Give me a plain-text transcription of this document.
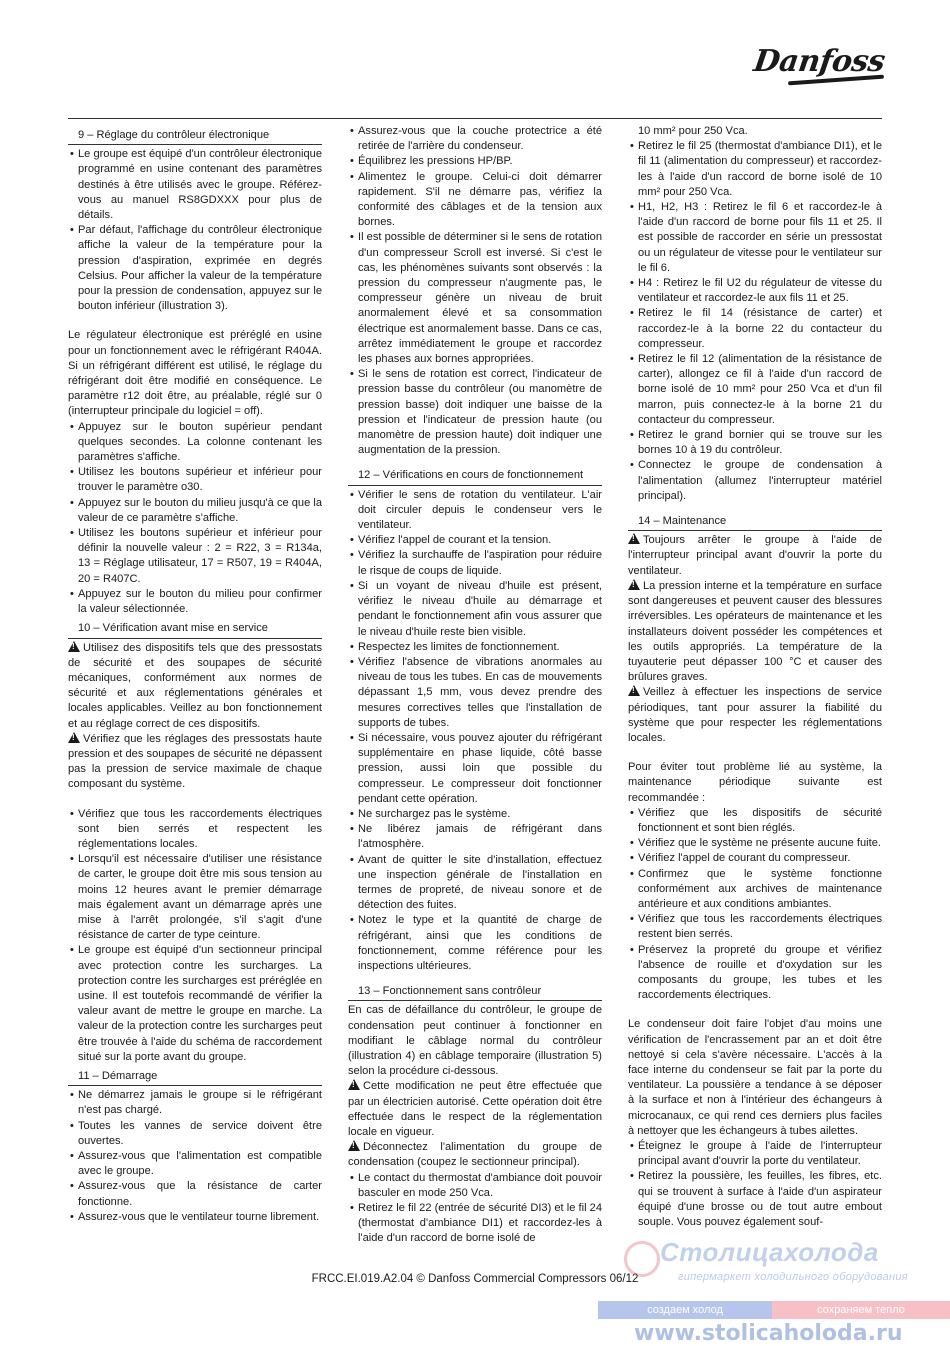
Danfoss
9 – Réglage du contrôleur électronique
• Le groupe est équipé d'un contrôleur électronique programmé en usine contenant des paramètres destinés à être utilisés avec le groupe. Référez-vous au manuel RS8GDXXX pour plus de détails.
• Par défaut, l'affichage du contrôleur électronique affiche la valeur de la température pour la pression d'aspiration, exprimée en degrés Celsius. Pour afficher la valeur de la température pour la pression de condensation, appuyez sur le bouton inférieur (illustration 3).

Le régulateur électronique est préréglé en usine pour un fonctionnement avec le réfrigérant R404A. Si un réfrigérant différent est utilisé, le réglage du réfrigérant doit être modifié en conséquence. Le paramètre r12 doit être, au préalable, réglé sur 0 (interrupteur principale du logiciel = off).

• Appuyez sur le bouton supérieur pendant quelques secondes. La colonne contenant les paramètres s'affiche.
• Utilisez les boutons supérieur et inférieur pour trouver le paramètre o30.
• Appuyez sur le bouton du milieu jusqu'à ce que la valeur de ce paramètre s'affiche.
• Utilisez les boutons supérieur et inférieur pour définir la nouvelle valeur : 2 = R22, 3 = R134a, 13 = Réglage utilisateur, 17 = R507, 19 = R404A, 20 = R407C.
• Appuyez sur le bouton du milieu pour confirmer la valeur sélectionnée.
10 – Vérification avant mise en service

!Utilisez des dispositifs tels que des pressostats de sécurité et des soupapes de sécurité mécaniques, conformément aux normes de sécurité et aux réglementations générales et locales applicables. Veillez au bon fonctionnement et au réglage correct de ces dispositifs.

!Vérifiez que les réglages des pressostats haute pression et des soupapes de sécurité ne dépassent pas la pression de service maximale de chaque composant du système.

• Vérifiez que tous les raccordements électriques sont bien serrés et respectent les réglementations locales.
• Lorsqu'il est nécessaire d'utiliser une résistance de carter, le groupe doit être mis sous tension au moins 12 heures avant le premier démarrage mais également avant un démarrage après une mise à l'arrêt prolongée, s'il s'agit d'une résistance de carter de type ceinture.
• Le groupe est équipé d'un sectionneur principal avec protection contre les surcharges. La protection contre les surcharges est préréglée en usine. Il est toutefois recommandé de vérifier la valeur avant de mettre le groupe en marche. La valeur de la protection contre les surcharges peut être trouvée à l'aide du schéma de raccordement situé sur la porte avant du groupe.
11 – Démarrage
• Ne démarrez jamais le groupe si le réfrigérant n'est pas chargé.
• Toutes les vannes de service doivent être ouvertes.
• Assurez-vous que l'alimentation est compatible avec le groupe.
• Assurez-vous que la résistance de carter fonctionne.
• Assurez-vous que le ventilateur tourne librement.
• Assurez-vous que la couche protectrice a été retirée de l'arrière du condenseur.
• Équilibrez les pressions HP/BP.
• Alimentez le groupe. Celui-ci doit démarrer rapidement. S'il ne démarre pas, vérifiez la conformité des câblages et de la tension aux bornes.
• Il est possible de déterminer si le sens de rotation d'un compresseur Scroll est inversé. Si c'est le cas, les phénomènes suivants sont observés : la pression du compresseur n'augmente pas, le compresseur génère un niveau de bruit anormalement élevé et sa consommation électrique est anormalement basse. Dans ce cas, arrêtez immédiatement le groupe et raccordez les phases aux bornes appropriées.
• Si le sens de rotation est correct, l'indicateur de pression basse du contrôleur (ou manomètre de pression basse) doit indiquer une baisse de la pression et l'indicateur de pression haute (ou manomètre de pression haute) doit indiquer une augmentation de la pression.
12 – Vérifications en cours de fonctionnement
• Vérifier le sens de rotation du ventilateur. L'air doit circuler depuis le condenseur vers le ventilateur.
• Vérifiez l'appel de courant et la tension.
• Vérifiez la surchauffe de l'aspiration pour réduire le risque de coups de liquide.
• Si un voyant de niveau d'huile est présent, vérifiez le niveau d'huile au démarrage et pendant le fonctionnement afin vous assurer que le niveau d'huile reste bien visible.
• Respectez les limites de fonctionnement.
• Vérifiez l'absence de vibrations anormales au niveau de tous les tubes. En cas de mouvements dépassant 1,5 mm, vous devez prendre des mesures correctives telles que l'installation de supports de tubes.
• Si nécessaire, vous pouvez ajouter du réfrigérant supplémentaire en phase liquide, côté basse pression, aussi loin que possible du compresseur. Le compresseur doit fonctionner pendant cette opération.
• Ne surchargez pas le système.
• Ne libérez jamais de réfrigérant dans l'atmosphère.
• Avant de quitter le site d'installation, effectuez une inspection générale de l'installation en termes de propreté, de niveau sonore et de détection des fuites.
• Notez le type et la quantité de charge de réfrigérant, ainsi que les conditions de fonctionnement, comme référence pour les inspections ultérieures.
13 – Fonctionnement sans contrôleur

En cas de défaillance du contrôleur, le groupe de condensation peut continuer à fonctionner en modifiant le câblage normal du contrôleur (illustration 4) en câblage temporaire (illustration 5) selon la procédure ci-dessous.

!Cette modification ne peut être effectuée que par un électricien autorisé. Cette opération doit être effectuée dans le respect de la réglementation locale en vigueur.

!Déconnectez l'alimentation du groupe de condensation (coupez le sectionneur principal).

• Le contact du thermostat d'ambiance doit pouvoir basculer en mode 250 Vca.
• Retirez le fil 22 (entrée de sécurité DI3) et le fil 24 (thermostat d'ambiance DI1) et raccordez-les à l'aide d'un raccord de borne isolé de

10 mm² pour 250 Vca.

• Retirez le fil 25 (thermostat d'ambiance DI1), et le fil 11 (alimentation du compresseur) et raccordez-les à l'aide d'un raccord de borne isolé de 10 mm² pour 250 Vca.
• H1, H2, H3 : Retirez le fil 6 et raccordez-le à l'aide d'un raccord de borne pour fils 11 et 25. Il est possible de raccorder en série un pressostat ou un régulateur de vitesse pour le ventilateur sur le fil 6.
• H4 : Retirez le fil U2 du régulateur de vitesse du ventilateur et raccordez-le aux fils 11 et 25.
• Retirez le fil 14 (résistance de carter) et raccordez-le à la borne 22 du contacteur du compresseur.
• Retirez le fil 12 (alimentation de la résistance de carter), allongez ce fil à l'aide d'un raccord de borne isolé de 10 mm² pour 250 Vca et d'un fil marron, puis connectez-le à la borne 21 du contacteur du compresseur.
• Retirez le grand bornier qui se trouve sur les bornes 10 à 19 du contrôleur.
• Connectez le groupe de condensation à l'alimentation (allumez l'interrupteur matériel principal).
14 – Maintenance

!Toujours arrêter le groupe à l'aide de l'interrupteur principal avant d'ouvrir la porte du ventilateur.

!La pression interne et la température en surface sont dangereuses et peuvent causer des blessures irréversibles. Les opérateurs de maintenance et les installateurs doivent posséder les compétences et les outils appropriés. La température de la tuyauterie peut dépasser 100 °C et causer des brûlures graves.

!Veillez à effectuer les inspections de service périodiques, tant pour assurer la fiabilité du système que pour respecter les réglementations locales.

Pour éviter tout problème lié au système, la maintenance périodique suivante est recommandée :

• Vérifiez que les dispositifs de sécurité fonctionnent et sont bien réglés.
• Vérifiez que le système ne présente aucune fuite.
• Vérifiez l'appel de courant du compresseur.
• Confirmez que le système fonctionne conformément aux archives de maintenance antérieure et aux conditions ambiantes.
• Vérifiez que tous les raccordements électriques restent bien serrés.
• Préservez la propreté du groupe et vérifiez l'absence de rouille et d'oxydation sur les composants du groupe, les tubes et les raccordements électriques.

Le condenseur doit faire l'objet d'au moins une vérification de l'encrassement par an et doit être nettoyé si cela s'avère nécessaire. L'accès à la face interne du condenseur se fait par la porte du ventilateur. La poussière a tendance à se déposer à la surface et non à l'intérieur des échangeurs à microcanaux, ce qui rend ces derniers plus faciles à nettoyer que les échangeurs à tubes ailettes.

• Éteignez le groupe à l'aide de l'interrupteur principal avant d'ouvrir la porte du ventilateur.
• Retirez la poussière, les feuilles, les fibres, etc. qui se trouvent à surface à l'aide d'un aspirateur équipé d'une brosse ou de tout autre embout souple. Vous pouvez également souf-
FRCC.EI.019.A2.04 © Danfoss Commercial Compressors 06/12
Столицахолода
гипермаркет холодильного оборудования
создаем холод	сохраняем тепло
www.stolicaholoda.ru
